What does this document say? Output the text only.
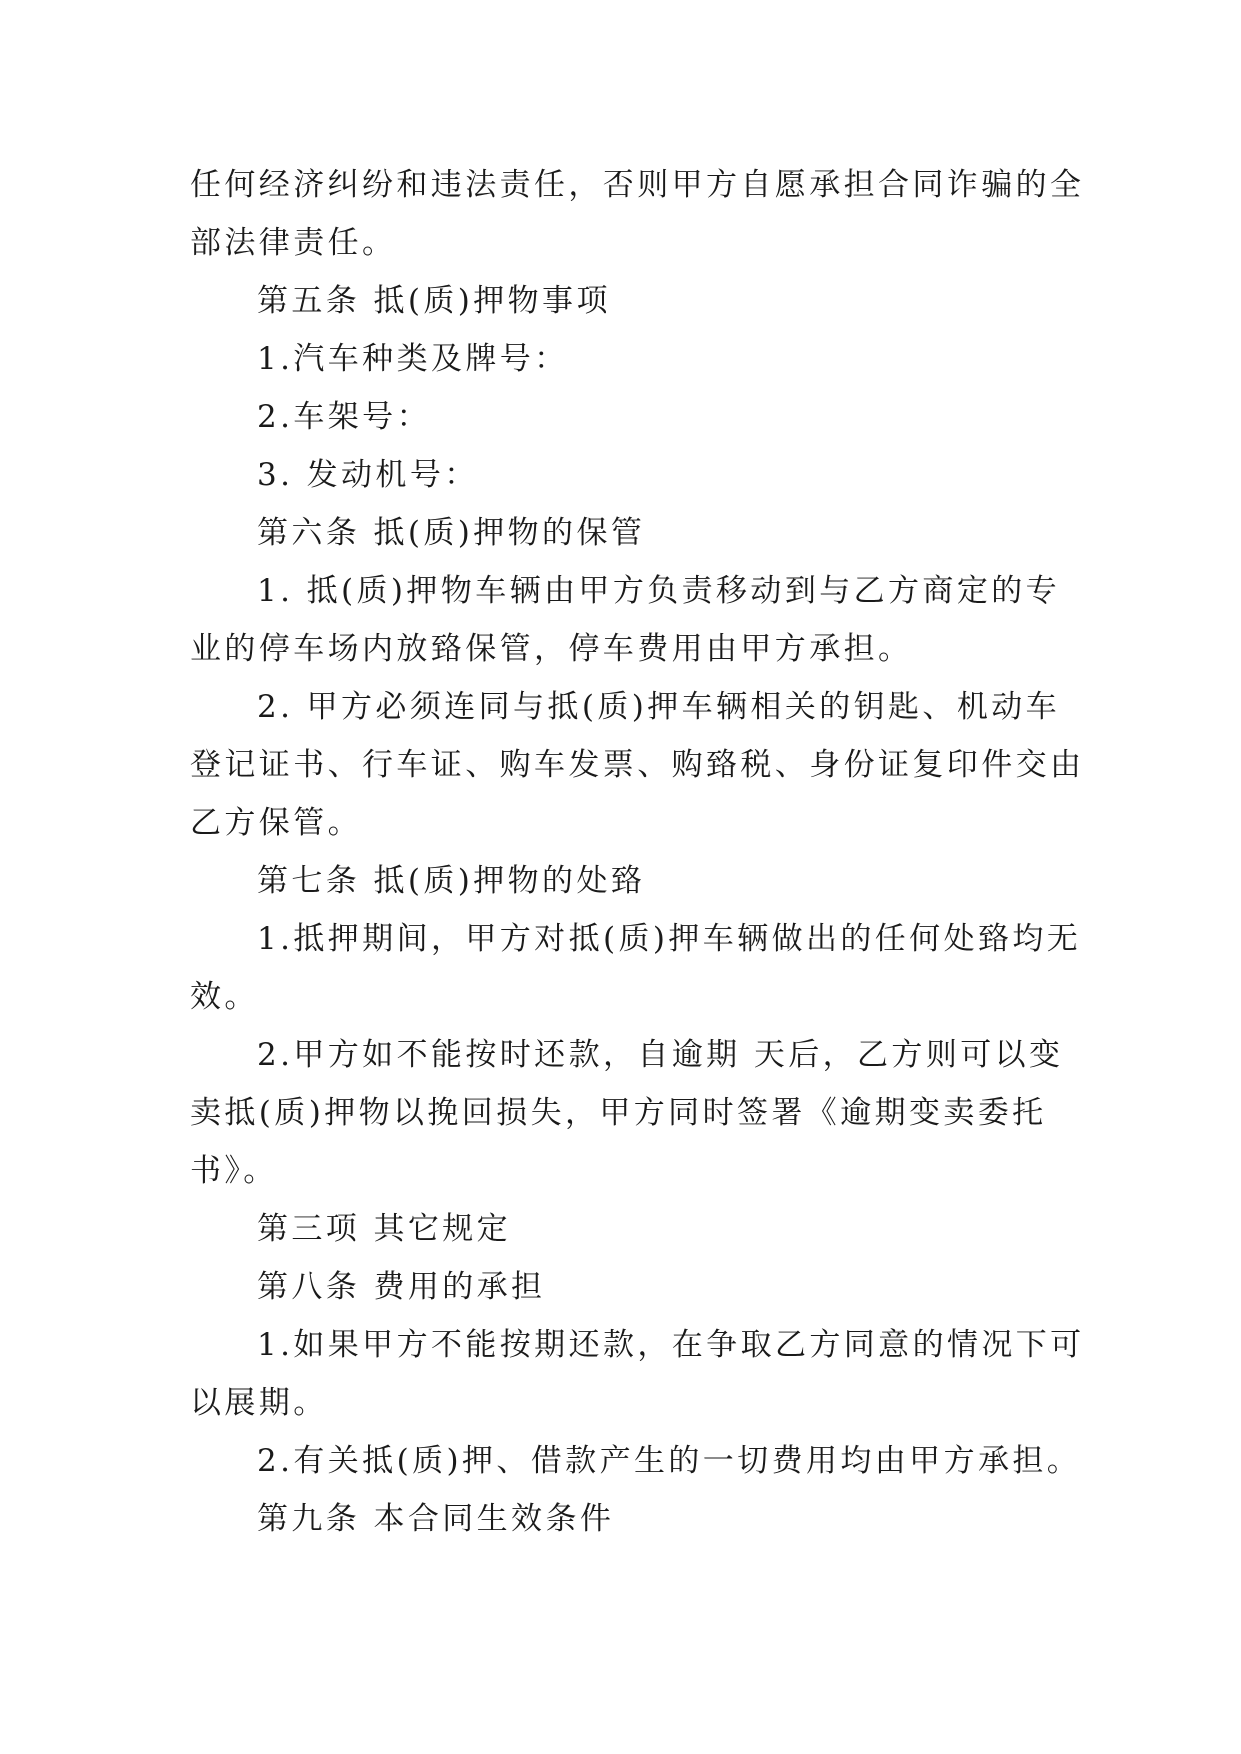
任何经济纠纷和违法责任，否则甲方自愿承担合同诈骗的全
部法律责任。
第五条 抵(质)押物事项
1.汽车种类及牌号：
2.车架号：
3. 发动机号：
第六条 抵(质)押物的保管
1. 抵(质)押物车辆由甲方负责移动到与乙方商定的专
业的停车场内放臵保管，停车费用由甲方承担。
2. 甲方必须连同与抵(质)押车辆相关的钥匙、机动车
登记证书、行车证、购车发票、购臵税、身份证复印件交由
乙方保管。
第七条 抵(质)押物的处臵
1.抵押期间，甲方对抵(质)押车辆做出的任何处臵均无
效。
2.甲方如不能按时还款，自逾期 天后，乙方则可以变
卖抵(质)押物以挽回损失，甲方同时签署《逾期变卖委托
书》。
第三项 其它规定
第八条 费用的承担
1.如果甲方不能按期还款，在争取乙方同意的情况下可
以展期。
2.有关抵(质)押、借款产生的一切费用均由甲方承担。
第九条 本合同生效条件
